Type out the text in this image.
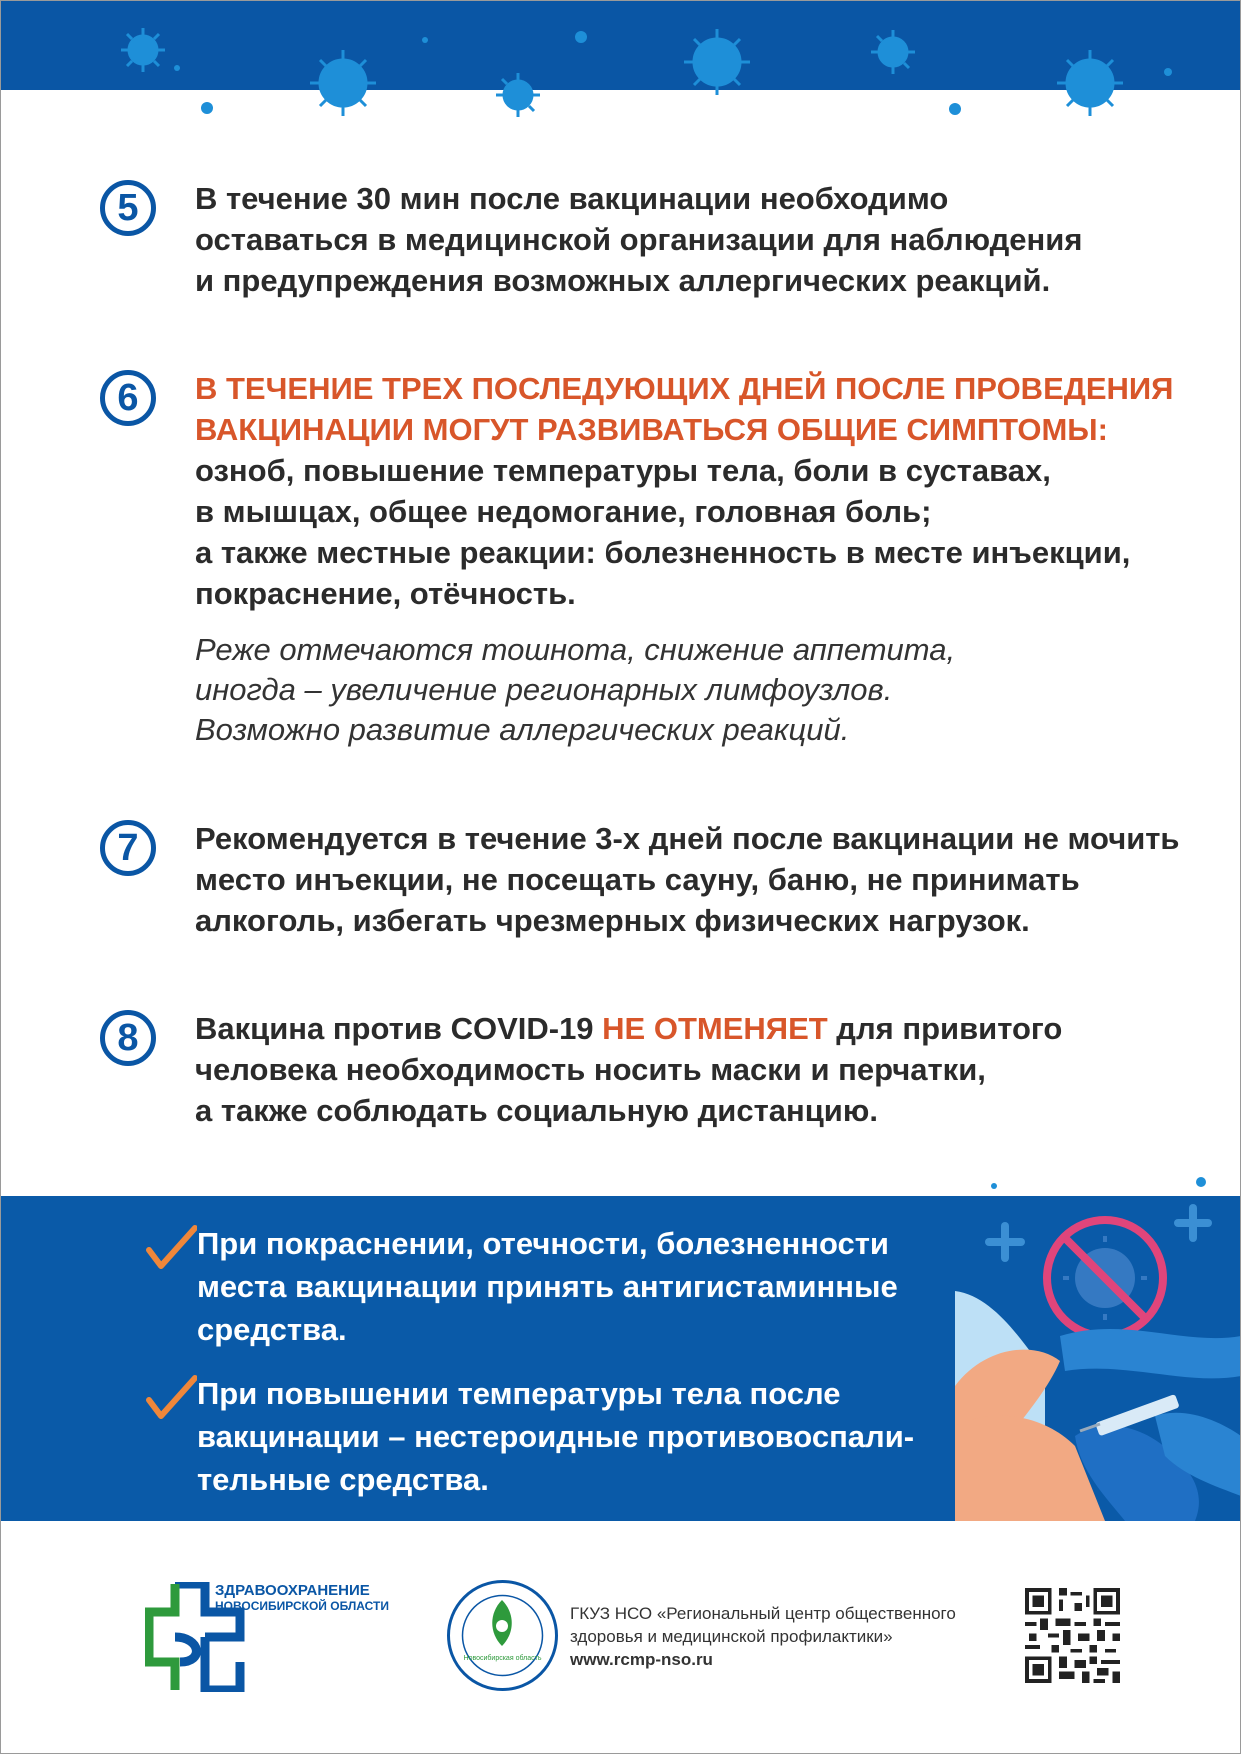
5	В течение 30 мин после вакцинации необходимо
оставаться в медицинской организации для наблюдения
и предупреждения возможных аллергических реакций.

6	В ТЕЧЕНИЕ ТРЕХ ПОСЛЕДУЮЩИХ ДНЕЙ ПОСЛЕ ПРОВЕДЕНИЯ
ВАКЦИНАЦИИ МОГУТ РАЗВИВАТЬСЯ ОБЩИЕ СИМПТОМЫ:

озноб, повышение температуры тела, боли в суставах,
в мышцах, общее недомогание, головная боль;
а также местные реакции: болезненность в месте инъекции,
покраснение, отёчность.

Реже отмечаются тошнота, снижение аппетита,
иногда – увеличение регионарных лимфоузлов.
Возможно развитие аллергических реакций.

7	Рекомендуется в течение 3-х дней после вакцинации не мочить
место инъекции, не посещать сауну, баню, не принимать
алкоголь, избегать чрезмерных физических нагрузок.

8	Вакцина против COVID-19 НЕ ОТМЕНЯЕТ для привитого
человека необходимость носить маски и перчатки,
а также соблюдать социальную дистанцию.

При покраснении, отечности, болезненности
места вакцинации принять антигистаминные
средства.
При повышении температуры тела после
вакцинации – нестероидные противовоспали-
тельные средства.
ЗДРАВООХРАНЕНИЕ
НОВОСИБИРСКОЙ ОБЛАСТИ
Новосибирская область
ГКУЗ НСО «Региональный центр общественного
здоровья и медицинской профилактики»
www.rcmp-nso.ru
